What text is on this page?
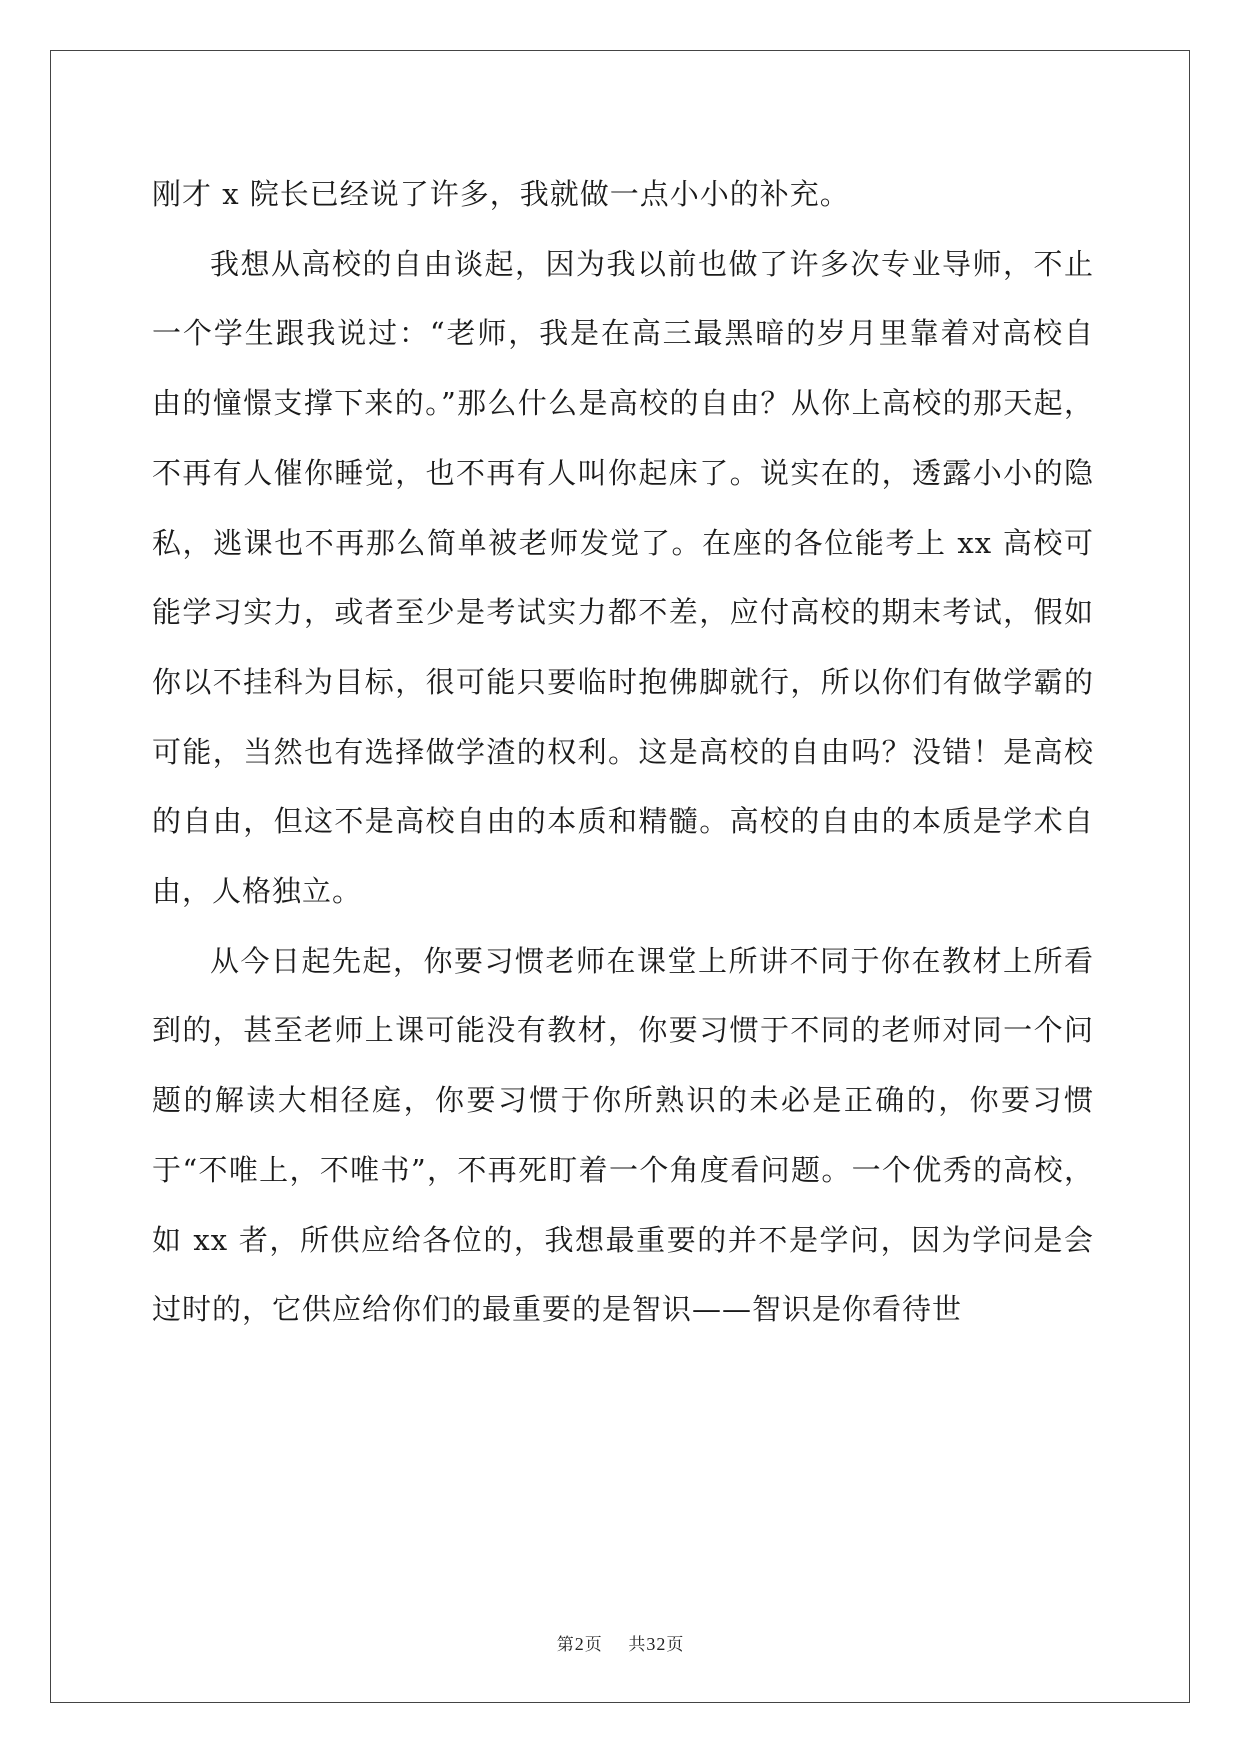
刚才 x 院长已经说了许多，我就做一点小小的补充。

我想从高校的自由谈起，因为我以前也做了许多次专业导师，不止一个学生跟我说过：“老师，我是在高三最黑暗的岁月里靠着对高校自由的憧憬支撑下来的。”那么什么是高校的自由？从你上高校的那天起，不再有人催你睡觉，也不再有人叫你起床了。说实在的，透露小小的隐私，逃课也不再那么简单被老师发觉了。在座的各位能考上 xx 高校可能学习实力，或者至少是考试实力都不差，应付高校的期末考试，假如你以不挂科为目标，很可能只要临时抱佛脚就行，所以你们有做学霸的可能，当然也有选择做学渣的权利。这是高校的自由吗？没错！是高校的自由，但这不是高校自由的本质和精髓。高校的自由的本质是学术自由，人格独立。

从今日起先起，你要习惯老师在课堂上所讲不同于你在教材上所看到的，甚至老师上课可能没有教材，你要习惯于不同的老师对同一个问题的解读大相径庭，你要习惯于你所熟识的未必是正确的，你要习惯于“不唯上，不唯书”，不再死盯着一个角度看问题。一个优秀的高校，如 xx 者，所供应给各位的，我想最重要的并不是学问，因为学问是会过时的，它供应给你们的最重要的是智识——智识是你看待世

第2页 共32页
